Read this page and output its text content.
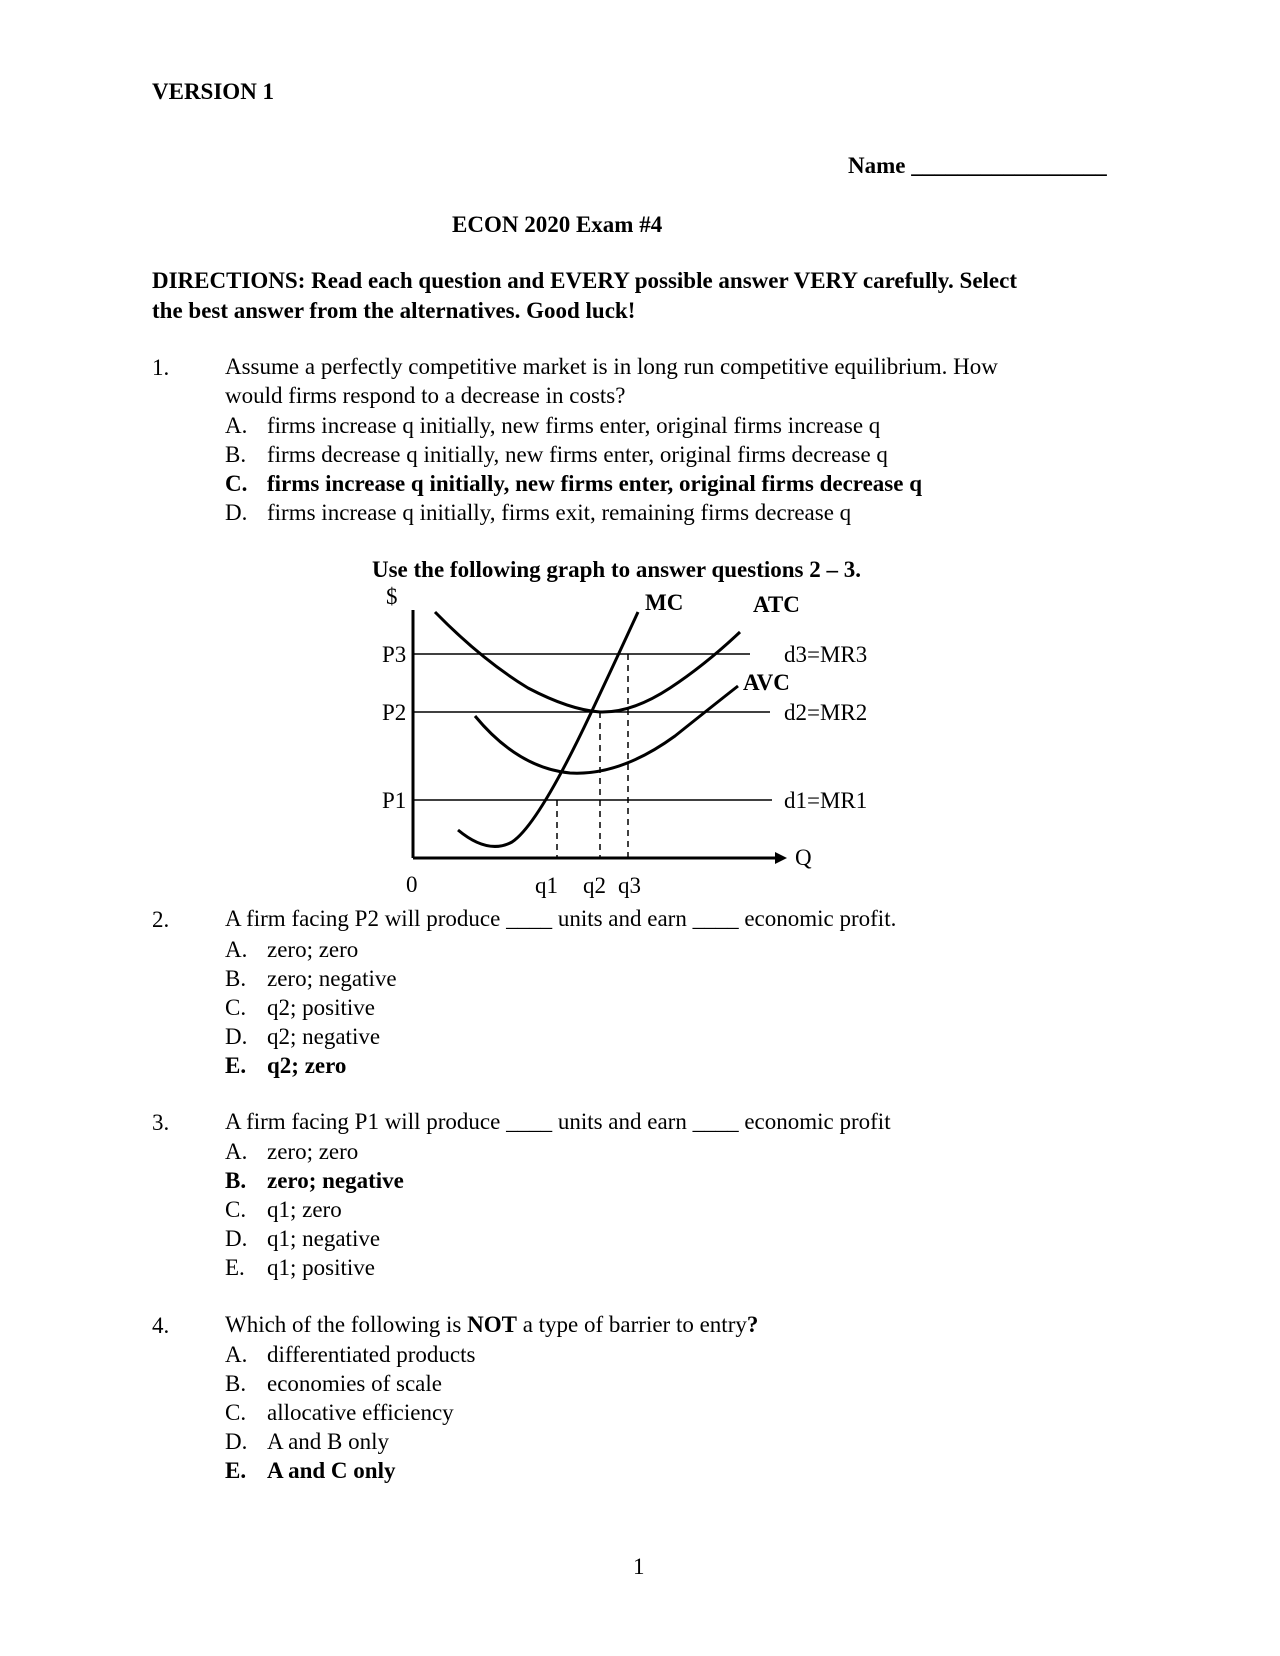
VERSION 1
Name _________________
ECON 2020 Exam #4
DIRECTIONS: Read each question and EVERY possible answer VERY carefully. Select
the best answer from the alternatives. Good luck!
1. Assume a perfectly competitive market is in long run competitive equilibrium. How
would firms respond to a decrease in costs?
A. firms increase q initially, new firms enter, original firms increase q
B. firms decrease q initially, new firms enter, original firms decrease q
C. firms increase q initially, new firms enter, original firms decrease q
D. firms increase q initially, firms exit, remaining firms decrease q
Use the following graph to answer questions 2 – 3.
$
Q
0
P3
P2
P1
d3=MR3
d2=MR2
d1=MR1
q1 q2 q3
MC	ATC
AVC
2. A firm facing P2 will produce ____ units and earn ____ economic profit.
A. zero; zero
B. zero; negative
C. q2; positive
D. q2; negative
E. q2; zero
3. A firm facing P1 will produce ____ units and earn ____ economic profit
A. zero; zero
B. zero; negative
C. q1; zero
D. q1; negative
E. q1; positive
4. Which of the following is NOT a type of barrier to entry?
A. differentiated products
B. economies of scale
C. allocative efficiency
D. A and B only
E. A and C only
1
